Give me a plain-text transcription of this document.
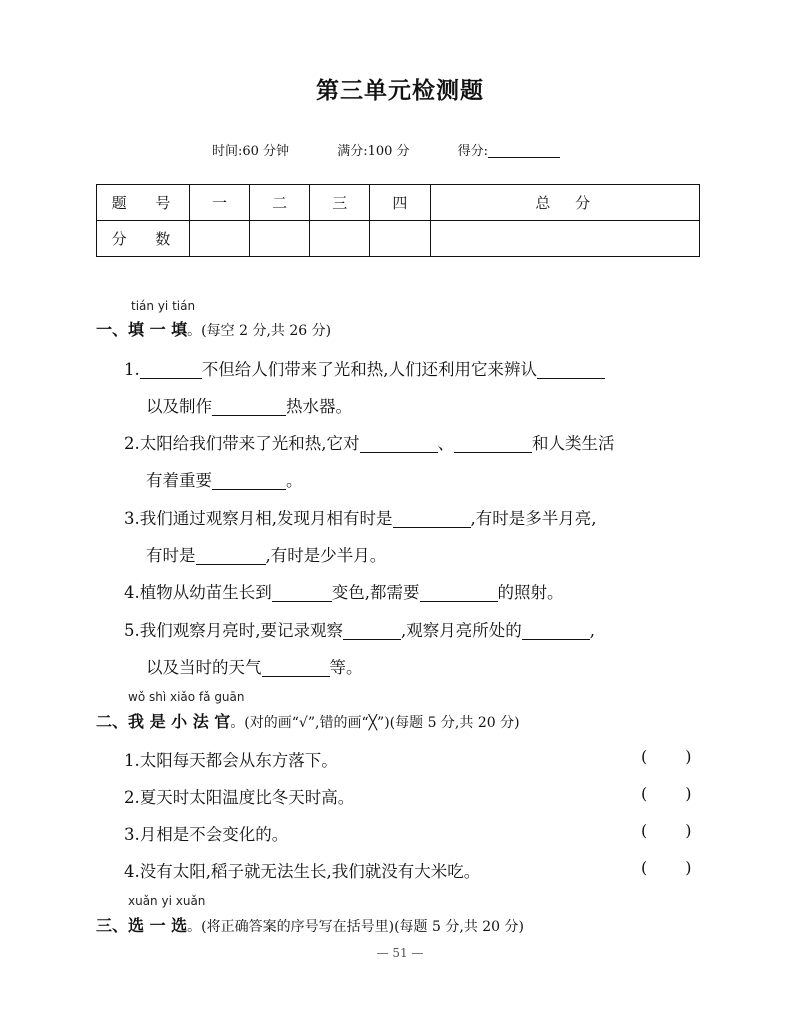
第三单元检测题
时间:60 分钟	满分:100 分	得分:
题 号	一	二	三	四	总 分
分 数					
tián yi tián
一、填 一 填。(每空 2 分,共 26 分)
1.	不但给人们带来了光和热,人们还利用它来辨认
以及制作	热水器。
2.太阳给我们带来了光和热,它对	、	和人类生活
有着重要	。
3.我们通过观察月相,发现月相有时是	,有时是多半月亮,
有时是	,有时是少半月。
4.植物从幼苗生长到	变色,都需要	的照射。
5.我们观察月亮时,要记录观察	,观察月亮所处的	,
以及当时的天气	等。
wǒ shì xiǎo fǎ guān
二、我 是 小 法 官。(对的画“√”,错的画“╳”)(每题 5 分,共 20 分)
1.太阳每天都会从东方落下。	( )
2.夏天时太阳温度比冬天时高。	( )
3.月相是不会变化的。	( )
4.没有太阳,稻子就无法生长,我们就没有大米吃。	( )
xuǎn yi xuǎn
三、选 一 选。(将正确答案的序号写在括号里)(每题 5 分,共 20 分)
— 51 —
